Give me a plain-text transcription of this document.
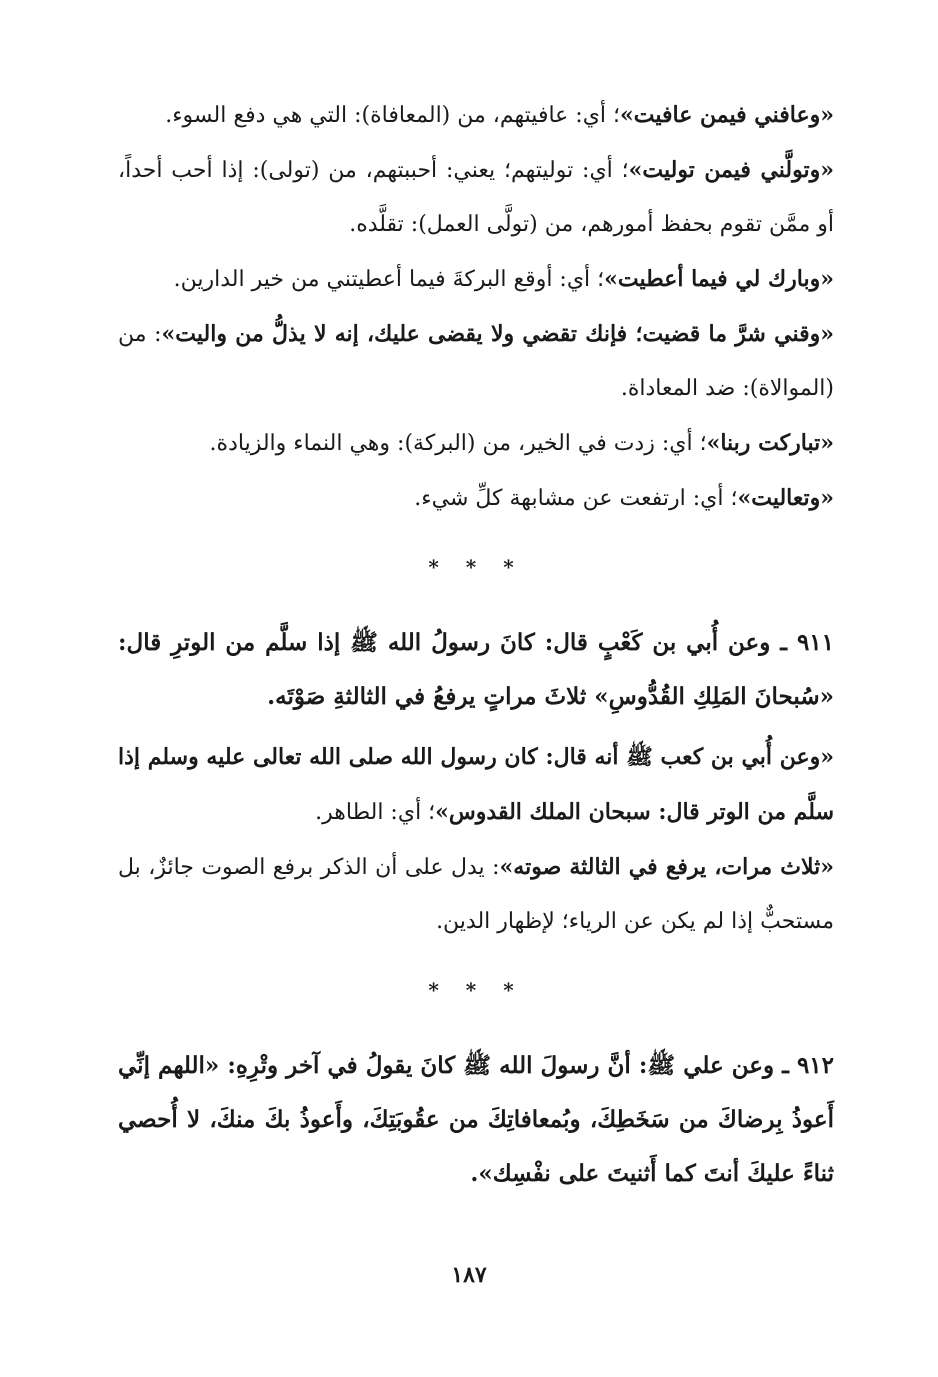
«وعافني فيمن عافيت»؛ أي: عافيتهم، من (المعافاة): التي هي دفع السوء.

«وتولَّني فيمن توليت»؛ أي: توليتهم؛ يعني: أحببتهم، من (تولى): إذا أحب أحداً، أو ممَّن تقوم بحفظ أمورهم، من (تولَّى العمل): تقلَّده.

«وبارك لي فيما أعطيت»؛ أي: أوقع البركةَ فيما أعطيتني من خير الدارين.

«وقني شرَّ ما قضيت؛ فإنك تقضي ولا يقضى عليك، إنه لا يذلُّ من واليت»: من (الموالاة): ضد المعاداة.

«تباركت ربنا»؛ أي: زدت في الخير، من (البركة): وهي النماء والزيادة.

«وتعاليت»؛ أي: ارتفعت عن مشابهة كلِّ شيء.

* * *

٩١١ ـ وعن أُبي بن كَعْبٍ قال: كانَ رسولُ الله ﷺ إذا سلَّم من الوترِ قال: «سُبحانَ المَلِكِ القُدُّوسِ» ثلاثَ مراتٍ يرفعُ في الثالثةِ صَوْتَه.

«وعن أُبي بن كعب ﷺ أنه قال: كان رسول الله صلى الله تعالى عليه وسلم إذا سلَّم من الوتر قال: سبحان الملك القدوس»؛ أي: الطاهر.

«ثلاث مرات، يرفع في الثالثة صوته»: يدل على أن الذكر برفع الصوت جائزٌ، بل مستحبٌّ إذا لم يكن عن الرياء؛ لإظهار الدين.

* * *

٩١٢ ـ وعن علي ﷺ: أنَّ رسولَ الله ﷺ كانَ يقولُ في آخر وتْرِهِ: «اللهم إنِّي أَعوذُ بِرضاكَ من سَخَطِكَ، وبُمعافاتِكَ من عقُوبَتِكَ، وأَعوذُ بكَ منكَ، لا أُحصي ثناءً عليكَ أنتَ كما أَثنيتَ على نفْسِك».

١٨٧
